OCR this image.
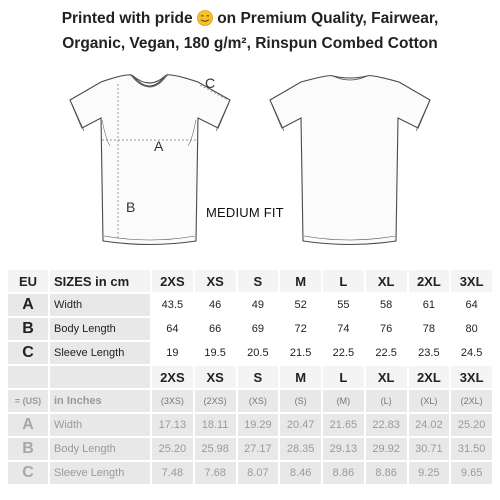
Printed with pride on Premium Quality, Fairwear,
Organic, Vegan, 180 g/m², Rinspun Combed Cotton
A
B
C
MEDIUM FIT
EU	SIZES in cm	2XS	XS	S	M	L	XL	2XL	3XL
A	Width	43.5	46	49	52	55	58	61	64
B	Body Length	64	66	69	72	74	76	78	80
C	Sleeve Length	19	19.5	20.5	21.5	22.5	22.5	23.5	24.5
		2XS	XS	S	M	L	XL	2XL	3XL
= (US)	in Inches	(3XS)	(2XS)	(XS)	(S)	(M)	(L)	(XL)	(2XL)
A	Width	17.13	18.11	19.29	20.47	21.65	22.83	24.02	25.20
B	Body Length	25.20	25.98	27.17	28.35	29.13	29.92	30.71	31.50
C	Sleeve Length	7.48	7.68	8.07	8.46	8.86	8.86	9.25	9.65
